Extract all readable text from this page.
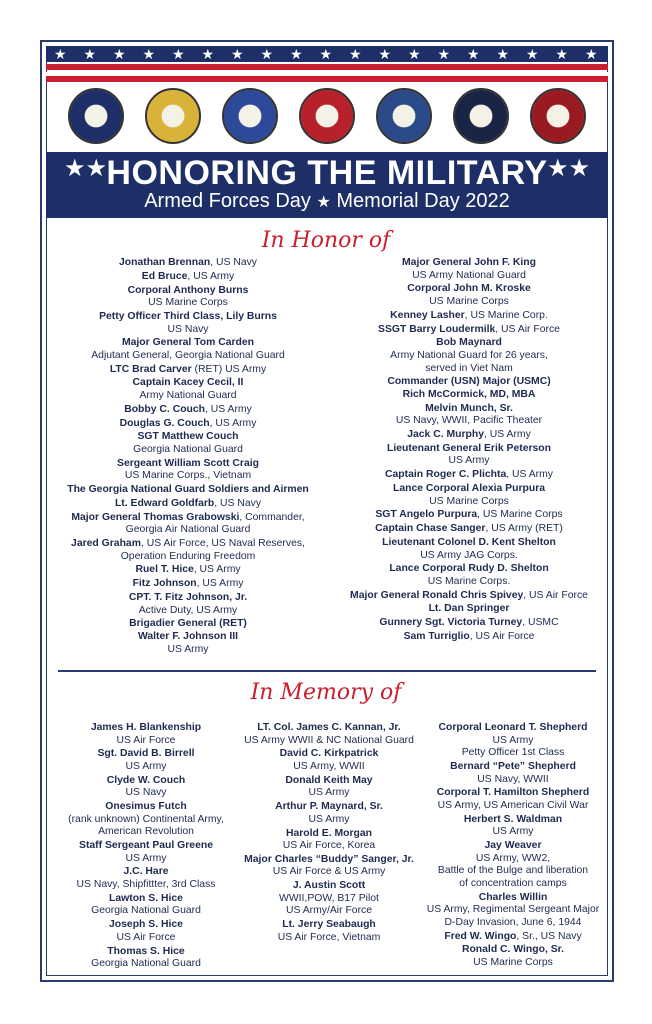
★ ★ ★ ★ ★ ★ ★ ★ ★ ★ ★ ★ ★ ★ ★ ★ ★ ★ ★
★★ HONORING THE MILITARY ★★
Armed Forces Day ★ Memorial Day 2022
In Honor of
Jonathan Brennan, US Navy
Ed Bruce, US Army
Corporal Anthony Burns
US Marine Corps
Petty Officer Third Class, Lily Burns
US Navy
Major General Tom Carden
Adjutant General, Georgia National Guard
LTC Brad Carver (RET) US Army
Captain Kacey Cecil, II
Army National Guard
Bobby C. Couch, US Army
Douglas G. Couch, US Army
SGT Matthew Couch
Georgia National Guard
Sergeant William Scott Craig
US Marine Corps., Vietnam
The Georgia National Guard Soldiers and Airmen
Lt. Edward Goldfarb, US Navy
Major General Thomas Grabowski, Commander,
Georgia Air National Guard
Jared Graham, US Air Force, US Naval Reserves,
Operation Enduring Freedom
Ruel T. Hice, US Army
Fitz Johnson, US Army
CPT. T. Fitz Johnson, Jr.
Active Duty, US Army
Brigadier General (RET)
Walter F. Johnson III
US Army
Major General John F. King
US Army National Guard
Corporal John M. Kroske
US Marine Corps
Kenney Lasher, US Marine Corp.
SSGT Barry Loudermilk, US Air Force
Bob Maynard
Army National Guard for 26 years,
served in Viet Nam
Commander (USN) Major (USMC)
Rich McCormick, MD, MBA
Melvin Munch, Sr.
US Navy, WWII, Pacific Theater
Jack C. Murphy, US Army
Lieutenant General Erik Peterson
US Army
Captain Roger C. Plichta, US Army
Lance Corporal Alexia Purpura
US Marine Corps
SGT Angelo Purpura, US Marine Corps
Captain Chase Sanger, US Army (RET)
Lieutenant Colonel D. Kent Shelton
US Army JAG Corps.
Lance Corporal Rudy D. Shelton
US Marine Corps.
Major General Ronald Chris Spivey, US Air Force
Lt. Dan Springer
Gunnery Sgt. Victoria Turney, USMC
Sam Turriglio, US Air Force
In Memory of
James H. Blankenship
US Air Force
Sgt. David B. Birrell
US Army
Clyde W. Couch
US Navy
Onesimus Futch
(rank unknown) Continental Army,
American Revolution
Staff Sergeant Paul Greene
US Army
J.C. Hare
US Navy, Shipfittter, 3rd Class
Lawton S. Hice
Georgia National Guard
Joseph S. Hice
US Air Force
Thomas S. Hice
Georgia National Guard
LT. Col. James C. Kannan, Jr.
US Army WWII & NC National Guard
David C. Kirkpatrick
US Army, WWII
Donald Keith May
US Army
Arthur P. Maynard, Sr.
US Army
Harold E. Morgan
US Air Force, Korea
Major Charles “Buddy” Sanger, Jr.
US Air Force & US Army
J. Austin Scott
WWII,POW, B17 Pilot
US Army/Air Force
Lt. Jerry Seabaugh
US Air Force, Vietnam
Corporal Leonard T. Shepherd
US Army
Petty Officer 1st Class
Bernard “Pete” Shepherd
US Navy, WWII
Corporal T. Hamilton Shepherd
US Army, US American Civil War
Herbert S. Waldman
US Army
Jay Weaver
US Army, WW2,
Battle of the Bulge and liberation
of concentration camps
Charles Willin
US Army, Regimental Sergeant Major
D-Day Invasion, June 6, 1944
Fred W. Wingo, Sr., US Navy
Ronald C. Wingo, Sr.
US Marine Corps
